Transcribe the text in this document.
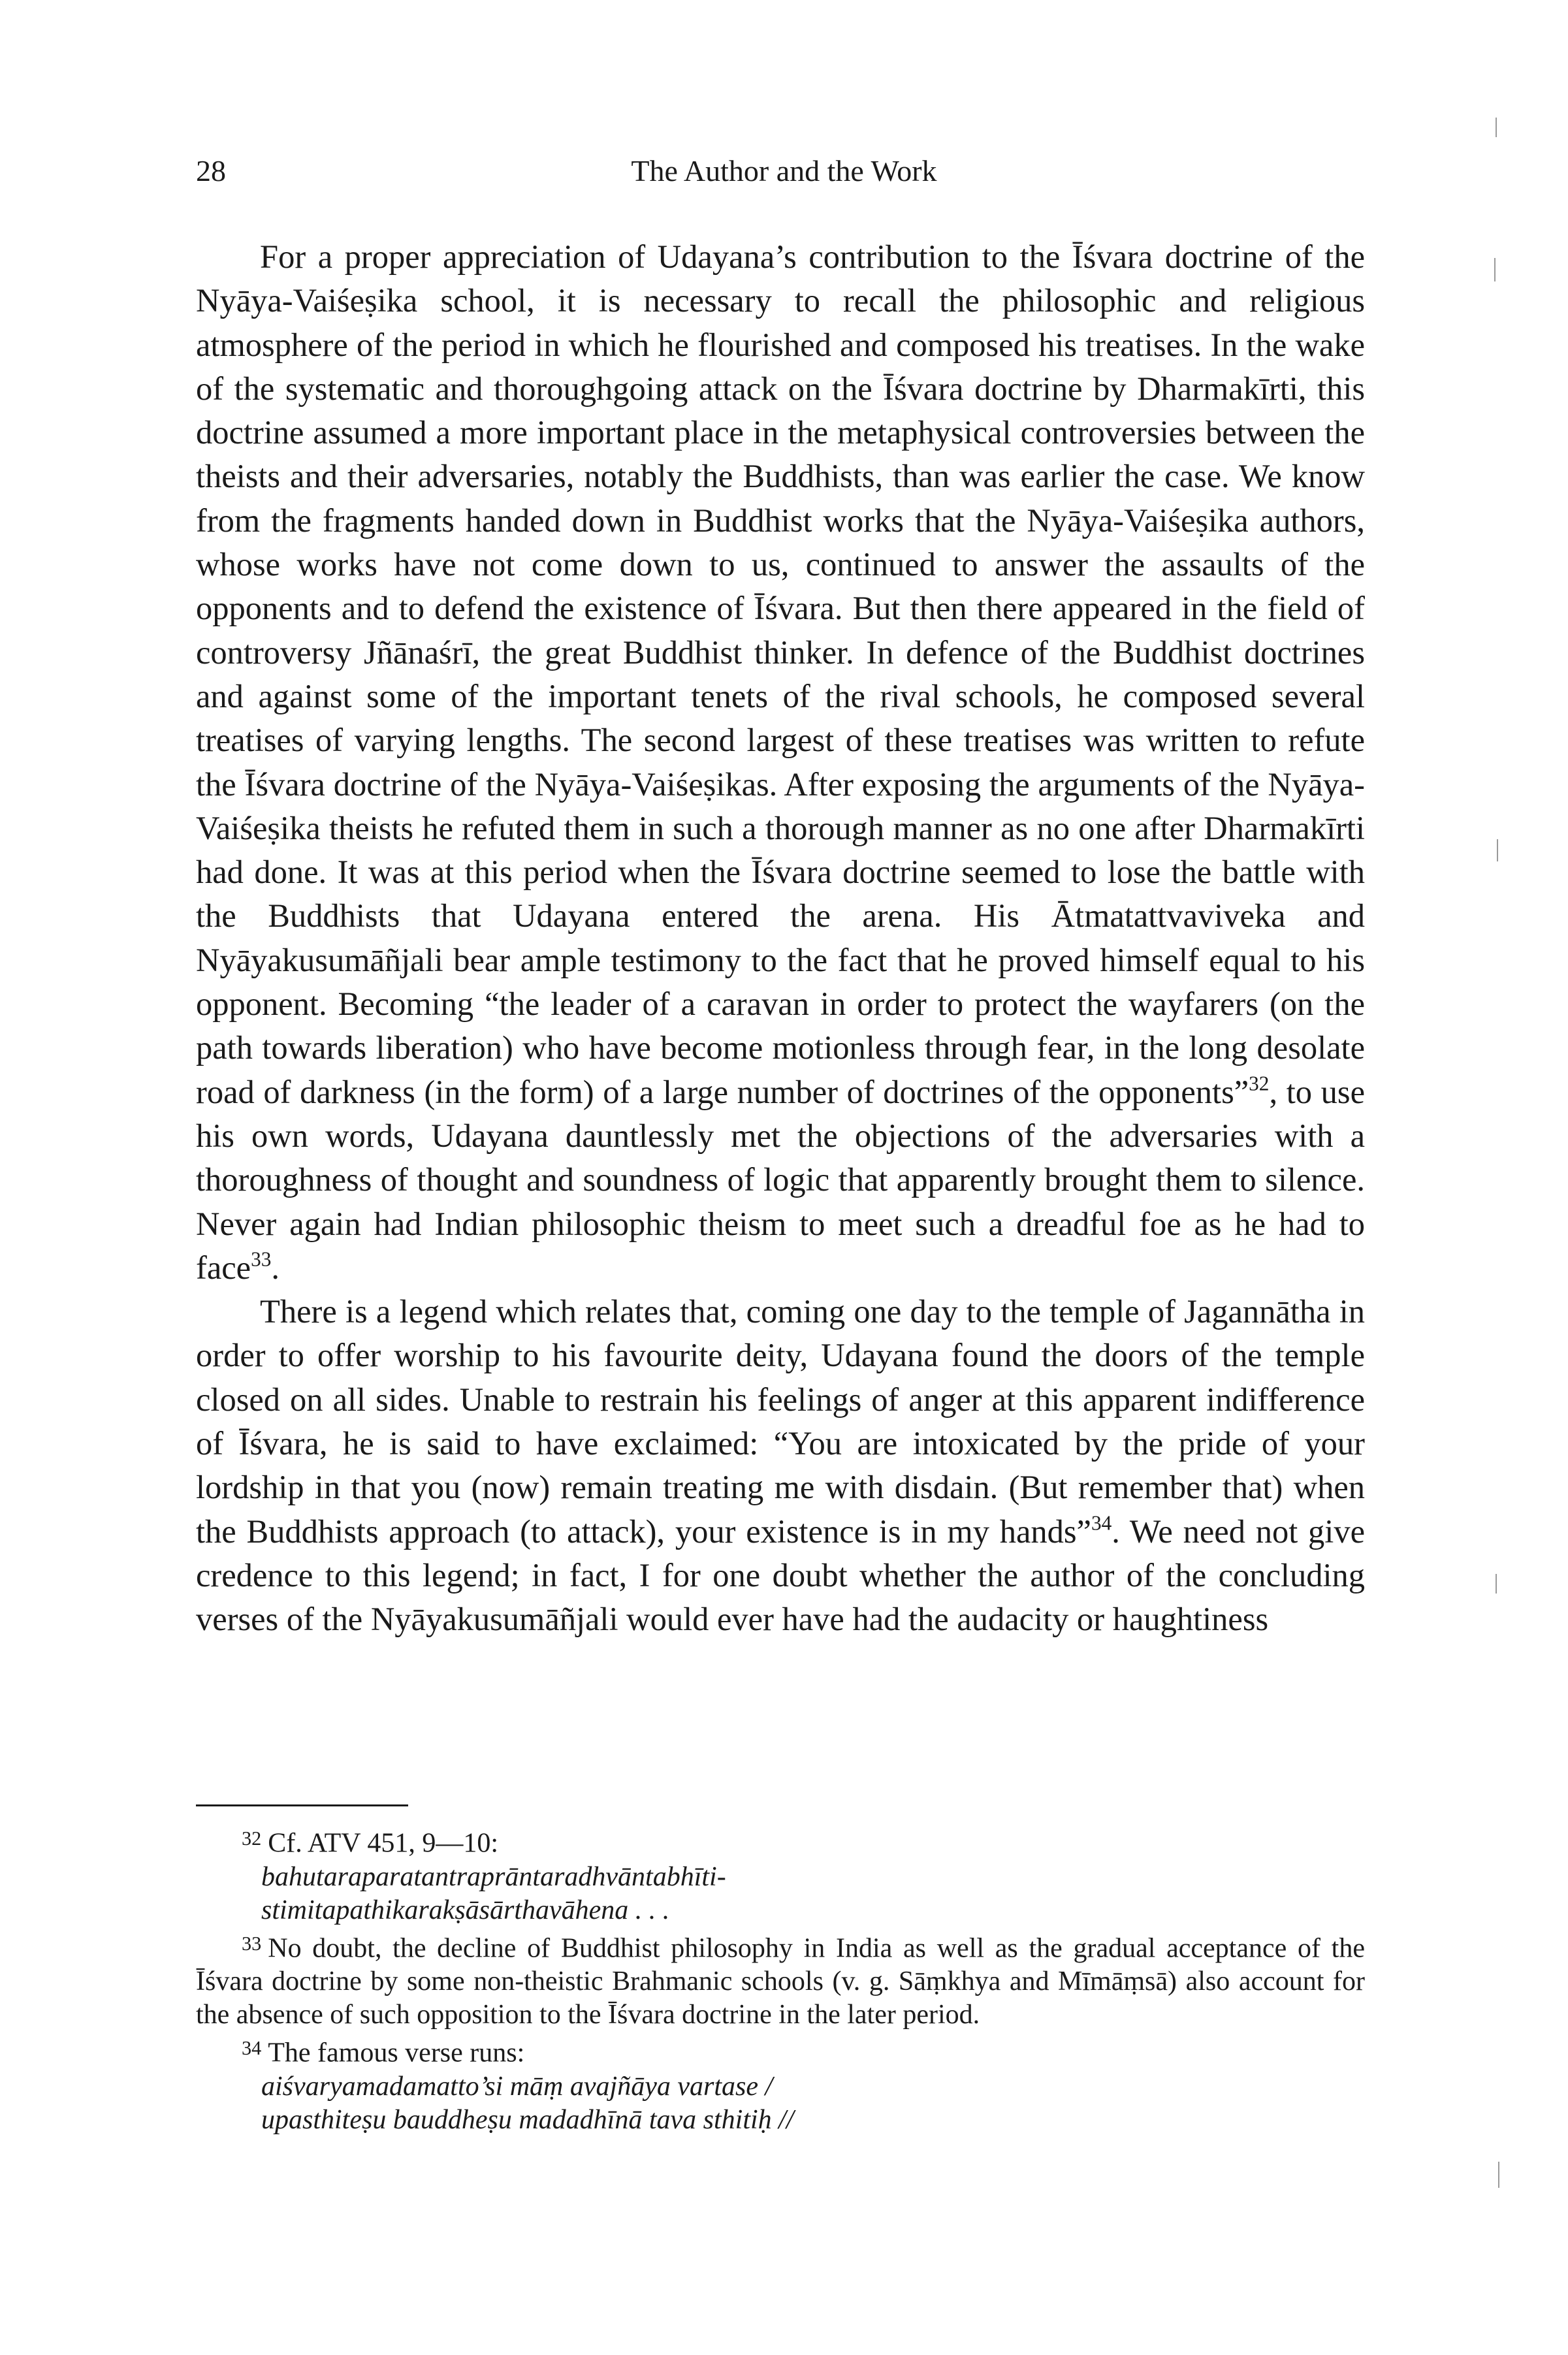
28	The Author and the Work

For a proper appreciation of Udayana’s contribution to the Īśvara doctrine of the Nyāya-Vaiśeṣika school, it is necessary to recall the philosophic and religious atmosphere of the period in which he flourished and composed his treatises. In the wake of the systematic and thoroughgoing attack on the Īśvara doctrine by Dharmakīrti, this doctrine assumed a more important place in the metaphysical controversies between the theists and their adversaries, notably the Buddhists, than was earlier the case. We know from the fragments handed down in Buddhist works that the Nyāya-Vaiśeṣika authors, whose works have not come down to us, continued to answer the assaults of the opponents and to defend the existence of Īśvara. But then there appeared in the field of controversy Jñānaśrī, the great Buddhist thinker. In defence of the Buddhist doctrines and against some of the important tenets of the rival schools, he composed several treatises of varying lengths. The second largest of these treatises was written to refute the Īśvara doctrine of the Nyāya-Vaiśeṣikas. After exposing the arguments of the Nyāya-Vaiśeṣika theists he refuted them in such a thorough manner as no one after Dharmakīrti had done. It was at this period when the Īśvara doctrine seemed to lose the battle with the Buddhists that Udayana entered the arena. His Ātmatattvaviveka and Nyāyakusumāñjali bear ample testimony to the fact that he proved himself equal to his opponent. Becoming “the leader of a caravan in order to protect the wayfarers (on the path towards liberation) who have become motionless through fear, in the long desolate road of darkness (in the form) of a large number of doctrines of the opponents”$^{32}$, to use his own words, Udayana dauntlessly met the objections of the adversaries with a thoroughness of thought and soundness of logic that apparently brought them to silence. Never again had Indian philosophic theism to meet such a dreadful foe as he had to face$^{33}$.

There is a legend which relates that, coming one day to the temple of Jagannātha in order to offer worship to his favourite deity, Udayana found the doors of the temple closed on all sides. Unable to restrain his feelings of anger at this apparent indifference of Īśvara, he is said to have exclaimed: “You are intoxicated by the pride of your lordship in that you (now) remain treating me with disdain. (But remember that) when the Buddhists approach (to attack), your existence is in my hands”$^{34}$. We need not give credence to this legend; in fact, I for one doubt whether the author of the concluding verses of the Nyāyakusumāñjali would ever have had the audacity or haughtiness

$^{32}$ Cf. ATV 451, 9—10:

bahutaraparatantraprāntaradhvāntabhīti-

stimitapathikarakṣāsārthavāhena . . .

$^{33}$ No doubt, the decline of Buddhist philosophy in India as well as the gradual acceptance of the Īśvara doctrine by some non-theistic Brahmanic schools (v. g. Sāṃkhya and Mīmāṃsā) also account for the absence of such opposition to the Īśvara doctrine in the later period.

$^{34}$ The famous verse runs:

aiśvaryamadamatto’si māṃ avajñāya vartase /

upasthiteṣu bauddheṣu madadhīnā tava sthitiḥ //
